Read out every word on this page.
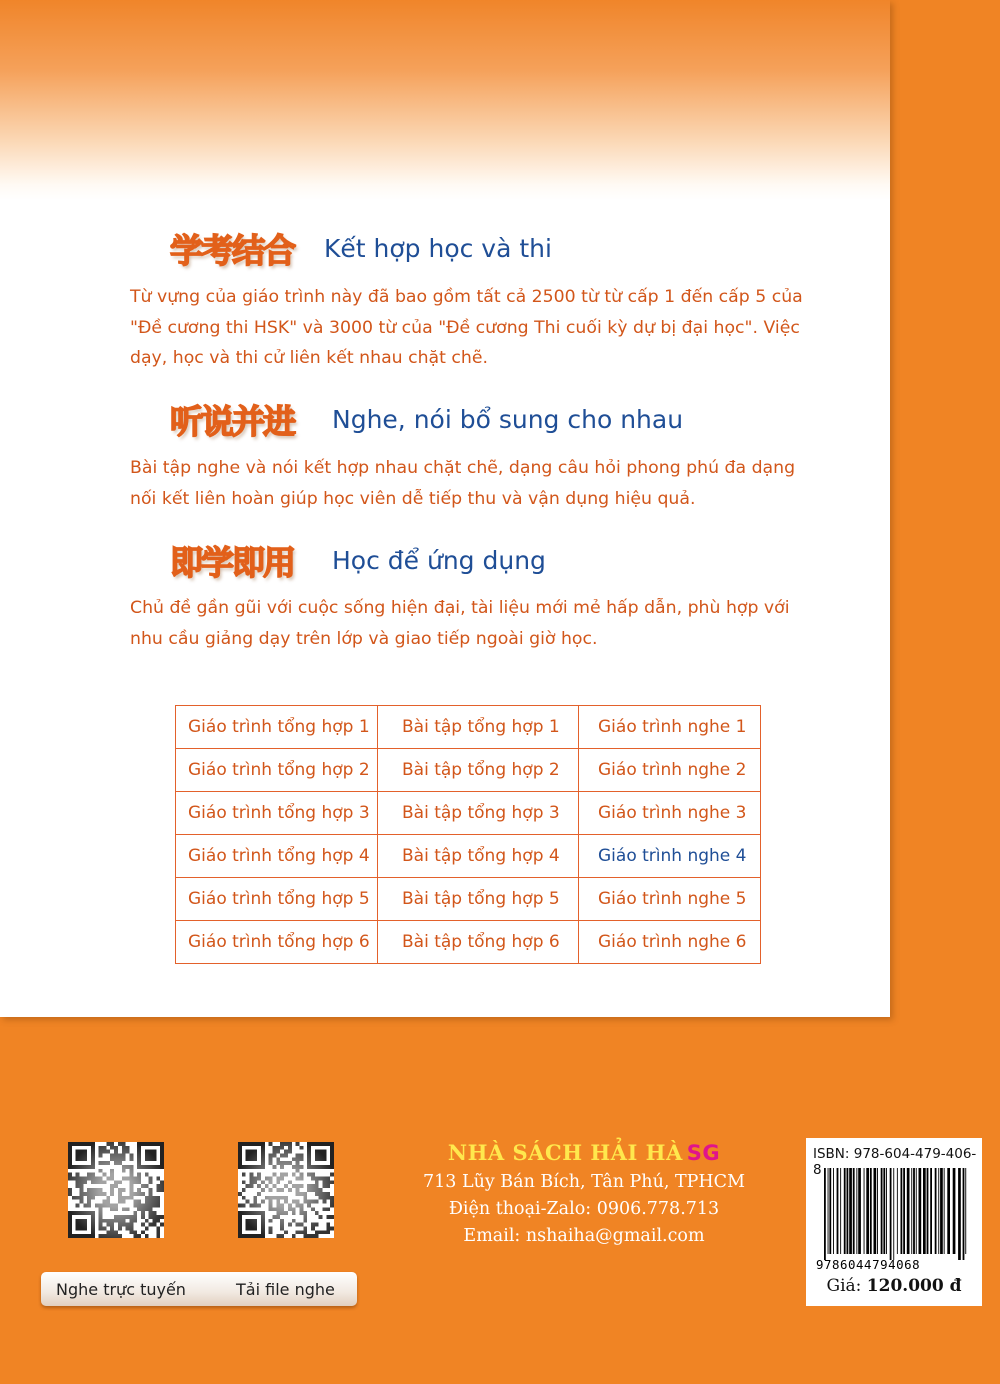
学考结合 Kết hợp học và thi

Từ vựng của giáo trình này đã bao gồm tất cả 2500 từ từ cấp 1 đến cấp 5 của "Đề cương thi HSK" và 3000 từ của "Đề cương Thi cuối kỳ dự bị đại học". Việc dạy, học và thi cử liên kết nhau chặt chẽ.

听说并进 Nghe, nói bổ sung cho nhau

Bài tập nghe và nói kết hợp nhau chặt chẽ, dạng câu hỏi phong phú đa dạng nối kết liên hoàn giúp học viên dễ tiếp thu và vận dụng hiệu quả.

即学即用 Học để ứng dụng

Chủ đề gần gũi với cuộc sống hiện đại, tài liệu mới mẻ hấp dẫn, phù hợp với nhu cầu giảng dạy trên lớp và giao tiếp ngoài giờ học.

Giáo trình tổng hợp 1	Bài tập tổng hợp 1	Giáo trình nghe 1
Giáo trình tổng hợp 2	Bài tập tổng hợp 2	Giáo trình nghe 2
Giáo trình tổng hợp 3	Bài tập tổng hợp 3	Giáo trình nghe 3
Giáo trình tổng hợp 4	Bài tập tổng hợp 4	Giáo trình nghe 4
Giáo trình tổng hợp 5	Bài tập tổng hợp 5	Giáo trình nghe 5
Giáo trình tổng hợp 6	Bài tập tổng hợp 6	Giáo trình nghe 6
Nghe trực tuyến	Tải file nghe
NHÀ SÁCH HẢI HÀ SG
713 Lũy Bán Bích, Tân Phú, TPHCM
Điện thoại-Zalo: 0906.778.713
Email: nshaiha@gmail.com
ISBN: 978-604-479-406-8
9786044794068
Giá: 120.000 đ
